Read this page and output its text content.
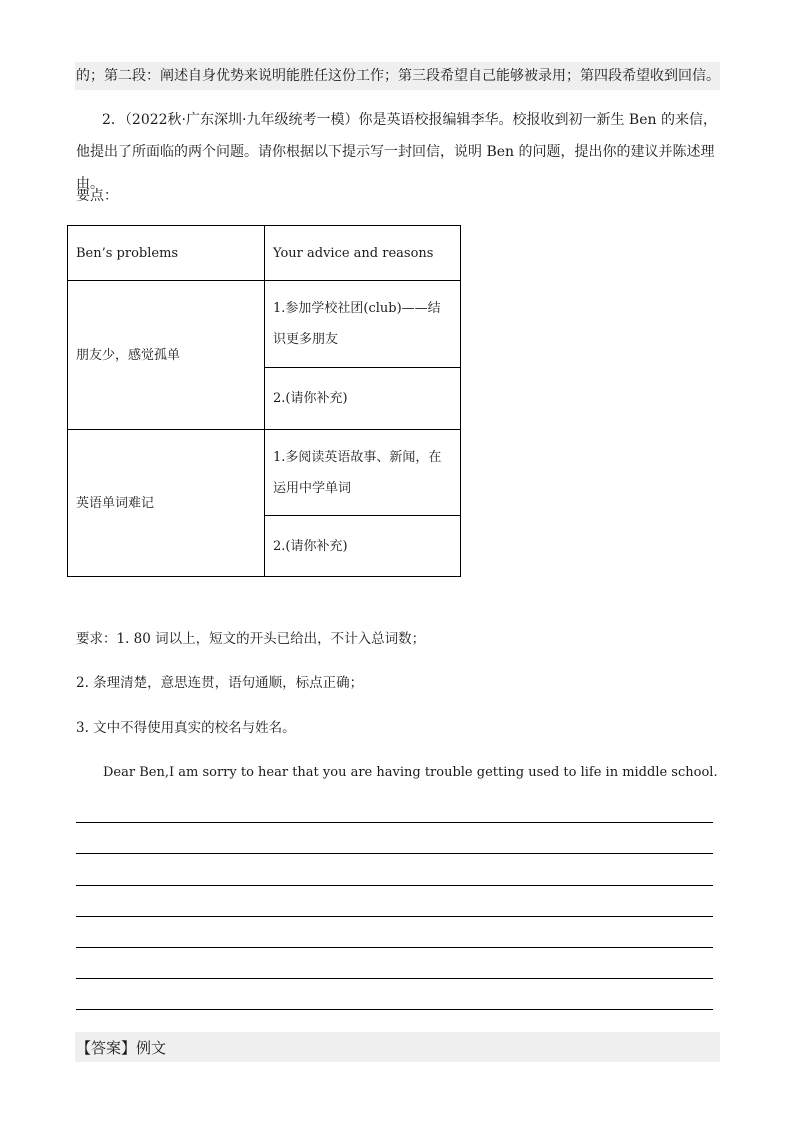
的；第二段：阐述自身优势来说明能胜任这份工作；第三段希望自己能够被录用；第四段希望收到回信。
2．（2022秋·广东深圳·九年级统考一模）你是英语校报编辑李华。校报收到初一新生 Ben 的来信，他提出了所面临的两个问题。请你根据以下提示写一封回信，说明 Ben 的问题，提出你的建议并陈述理由。
要点：
Ben’s problems	Your advice and reasons
朋友少，感觉孤单	1.参加学校社团(club)——结识更多朋友
	2.(请你补充)
英语单词难记	1.多阅读英语故事、新闻，在运用中学单词
	2.(请你补充)
要求：1. 80 词以上，短文的开头已给出，不计入总词数；
2. 条理清楚，意思连贯，语句通顺，标点正确；
3. 文中不得使用真实的校名与姓名。
Dear Ben,I am sorry to hear that you are having trouble getting used to life in middle school.
【答案】例文
